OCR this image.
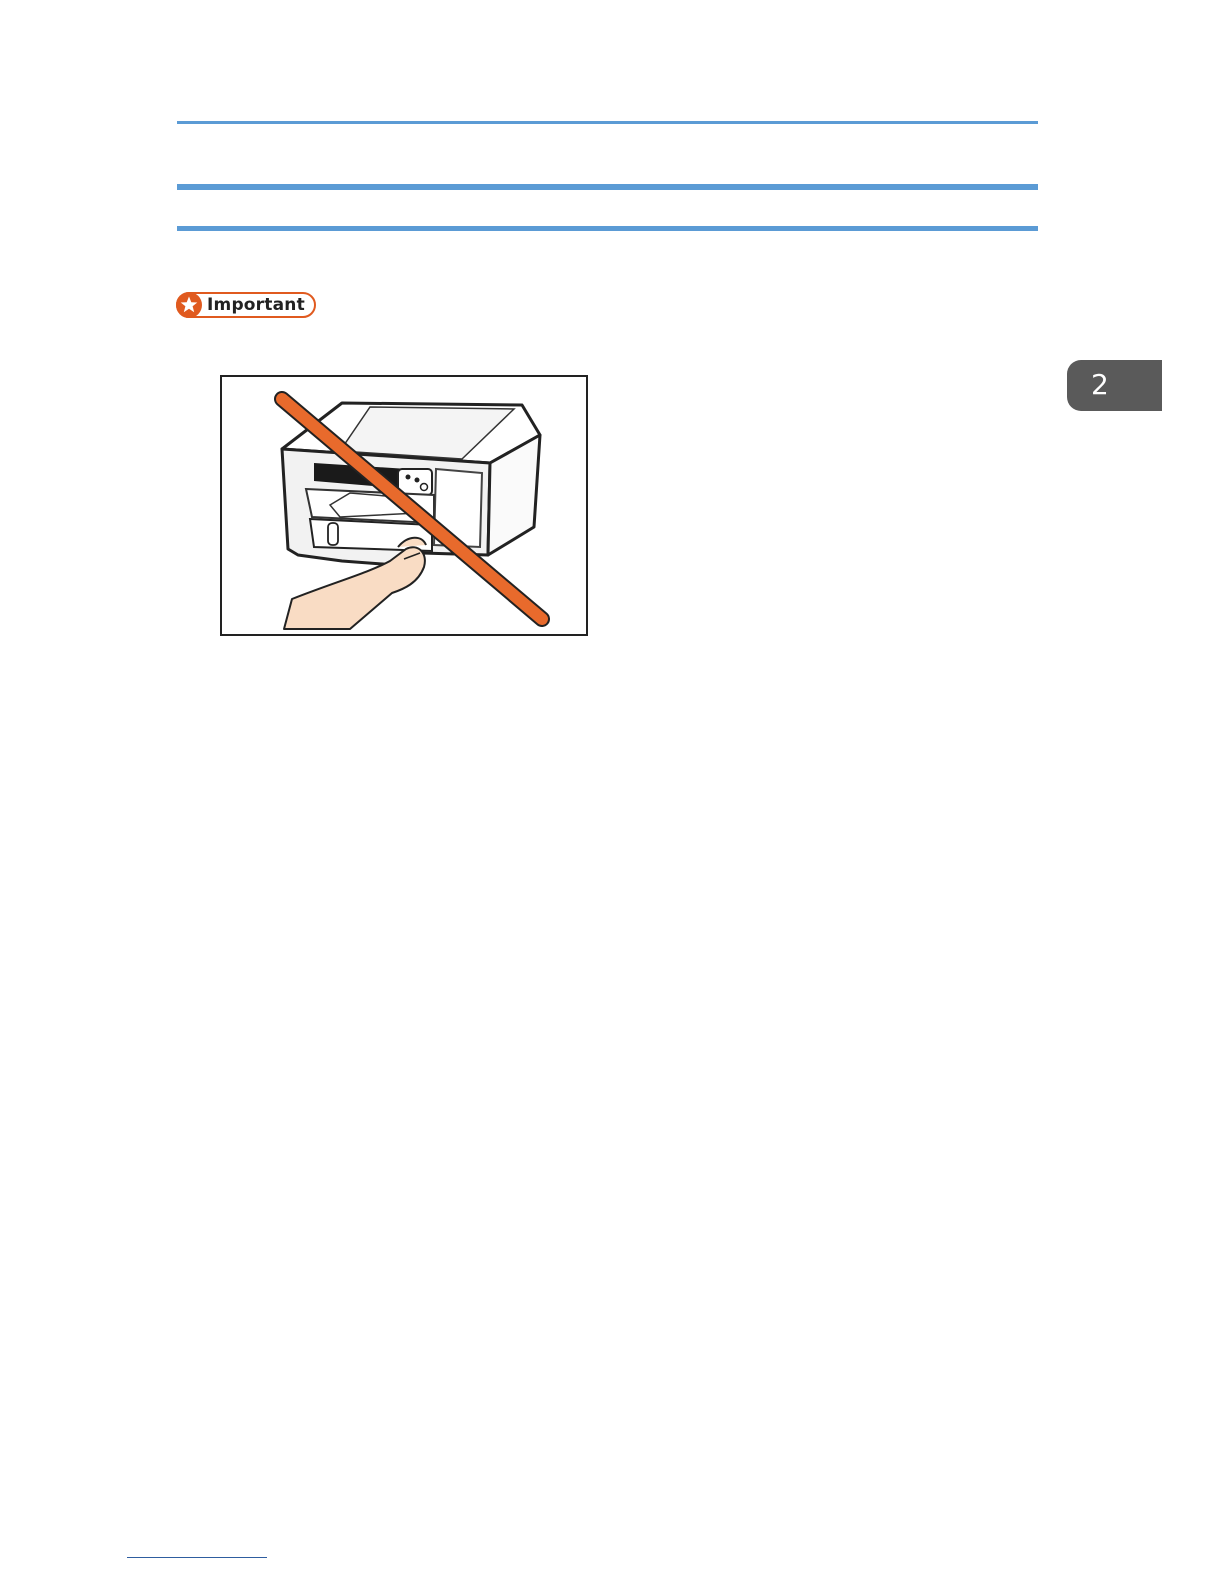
Important
2
